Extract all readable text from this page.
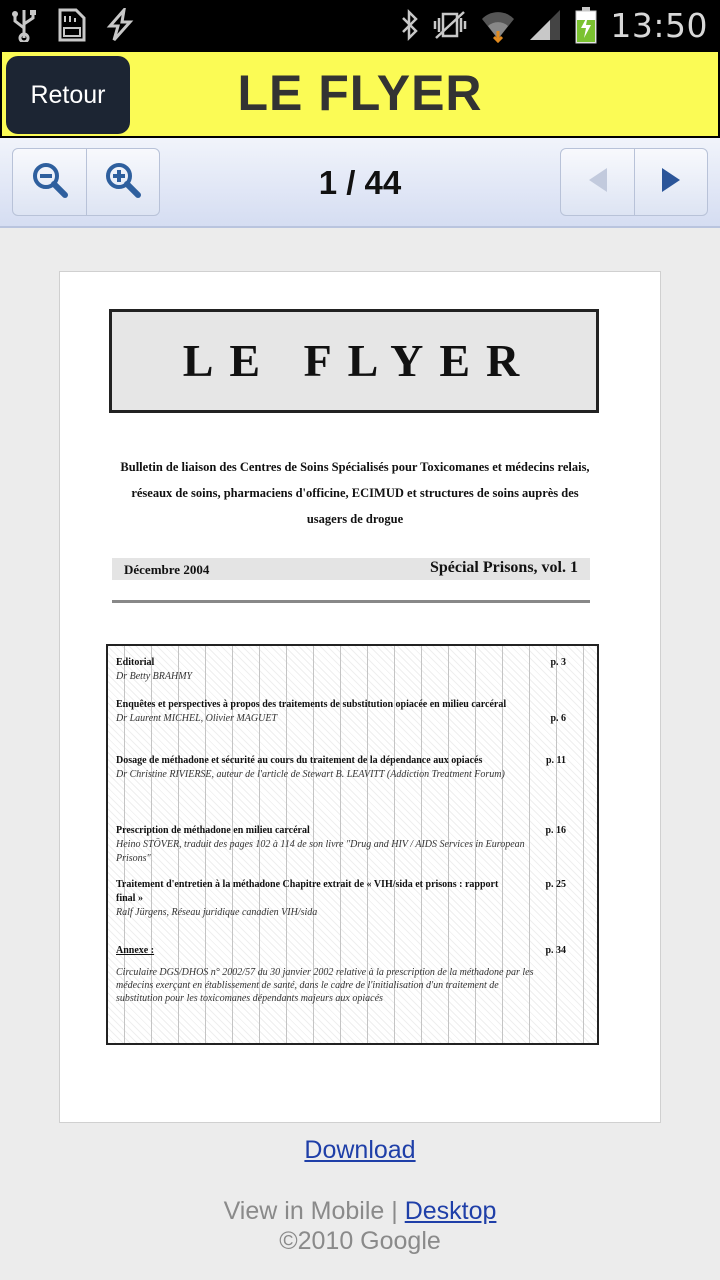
13:50
Retour	LE FLYER
1 / 44
LE FLYER
Bulletin de liaison des Centres de Soins Spécialisés pour Toxicomanes et médecins relais, réseaux de soins, pharmaciens d'officine, ECIMUD et structures de soins auprès des usagers de drogue
Décembre 2004	Spécial Prisons, vol. 1
Editorial
Dr Betty BRAHMY
p. 3
Enquêtes et perspectives à propos des traitements de substitution opiacée en milieu carcéral
Dr Laurent MICHEL, Olivier MAGUET	p. 6
Dosage de méthadone et sécurité au cours du traitement de la dépendance aux opiacés
Dr Christine RIVIERSE, auteur de l'article de Stewart B. LEAVITT (Addiction Treatment Forum)
p. 11
Prescription de méthadone en milieu carcéral
Heino STÖVER, traduit des pages 102 à 114 de son livre "Drug and HIV / AIDS Services in European Prisons"
p. 16
Traitement d'entretien à la méthadone Chapitre extrait de « VIH/sida et prisons : rapport final »
Ralf Jürgens, Réseau juridique canadien VIH/sida
p. 25
Annexe :	p. 34
Circulaire DGS/DHOS n° 2002/57 du 30 janvier 2002 relative à la prescription de la méthadone par les médecins exerçant en établissement de santé, dans le cadre de l'initialisation d'un traitement de substitution pour les toxicomanes dépendants majeurs aux opiacés
Download
View in Mobile | Desktop
©2010 Google
